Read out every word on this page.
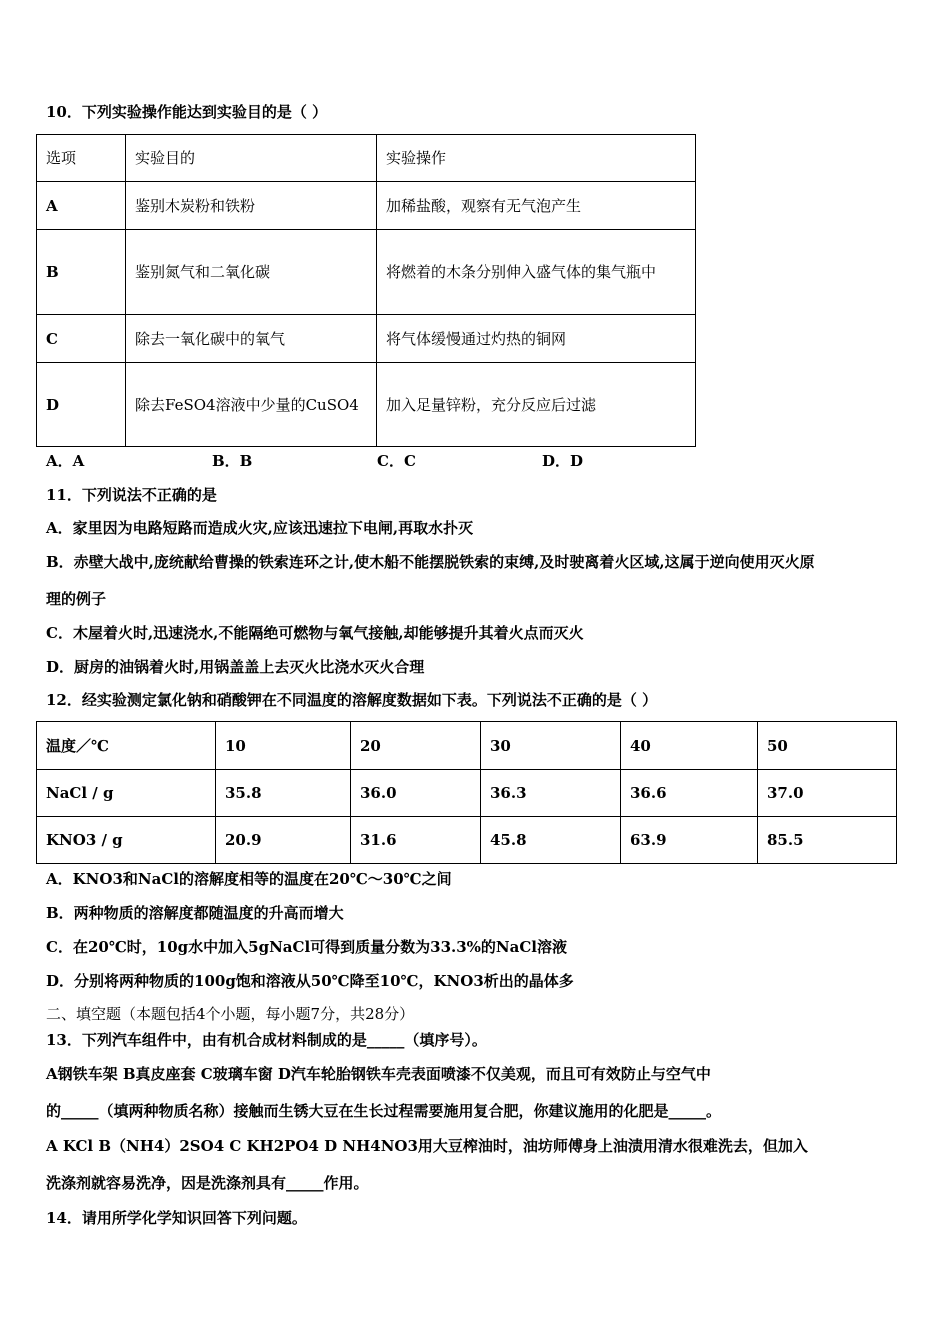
10．下列实验操作能达到实验目的是（ ）
选项	实验目的	实验操作
A	鉴别木炭粉和铁粉	加稀盐酸，观察有无气泡产生
B	鉴别氮气和二氧化碳	将燃着的木条分别伸入盛气体的集气瓶中
C	除去一氧化碳中的氧气	将气体缓慢通过灼热的铜网
D	除去FeSO4溶液中少量的CuSO4	加入足量锌粉，充分反应后过滤
A．A	B．B	C．C	D．D
11．下列说法不正确的是
A．家里因为电路短路而造成火灾,应该迅速拉下电闸,再取水扑灭
B．赤壁大战中,庞统献给曹操的铁索连环之计,使木船不能摆脱铁索的束缚,及时驶离着火区域,这属于逆向使用灭火原
理的例子
C．木屋着火时,迅速浇水,不能隔绝可燃物与氧气接触,却能够提升其着火点而灭火
D．厨房的油锅着火时,用锅盖盖上去灭火比浇水灭火合理
12．经实验测定氯化钠和硝酸钾在不同温度的溶解度数据如下表。下列说法不正确的是（ ）
温度／℃	10	20	30	40	50
NaCl / g	35.8	36.0	36.3	36.6	37.0
KNO3 / g	20.9	31.6	45.8	63.9	85.5
A．KNO3和NaCl的溶解度相等的温度在20℃～30℃之间
B．两种物质的溶解度都随温度的升高而增大
C．在20℃时，10g水中加入5gNaCl可得到质量分数为33.3%的NaCl溶液
D．分别将两种物质的100g饱和溶液从50℃降至10℃，KNO3析出的晶体多
二、填空题（本题包括4个小题，每小题7分，共28分）
13．下列汽车组件中，由有机合成材料制成的是_____（填序号）。
A钢铁车架 B真皮座套 C玻璃车窗 D汽车轮胎钢铁车壳表面喷漆不仅美观，而且可有效防止与空气中
的_____（填两种物质名称）接触而生锈大豆在生长过程需要施用复合肥，你建议施用的化肥是_____。
A KCl B（NH4）2SO4 C KH2PO4 D NH4NO3用大豆榨油时，油坊师傅身上油渍用清水很难洗去，但加入
洗涤剂就容易洗净，因是洗涤剂具有_____作用。
14．请用所学化学知识回答下列问题。
